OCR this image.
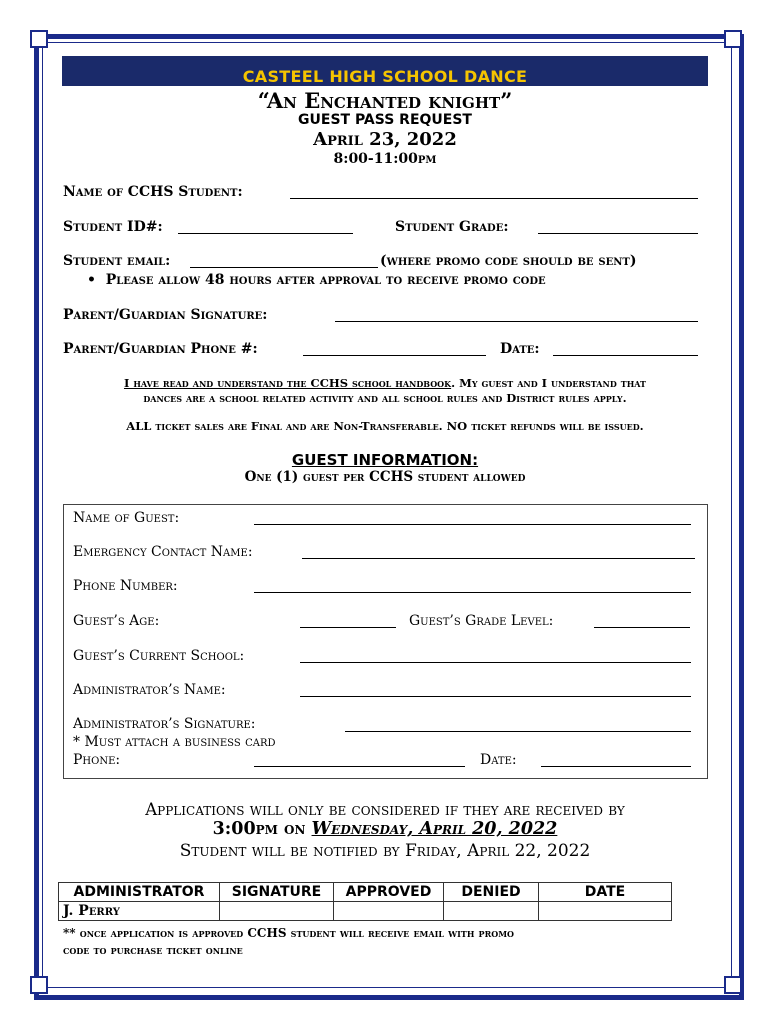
CASTEEL HIGH SCHOOL DANCE
“An Enchanted knight”
GUEST PASS REQUEST
April 23, 2022
8:00-11:00pm
Name of CCHS Student:
Student ID#:	Student Grade:
Student email:	(where promo code should be sent)
•  Please allow 48 hours after approval to receive promo code
Parent/Guardian Signature:
Parent/Guardian Phone #:	Date:
I have read and understand the CCHS school handbook. My guest and I understand that
dances are a school related activity and all school rules and District rules apply.
ALL ticket sales are Final and are Non-Transferable. NO ticket refunds will be issued.
GUEST INFORMATION:
One (1) guest per CCHS student allowed
Name of Guest:
Emergency Contact Name:
Phone Number:
Guest’s Age:	Guest’s Grade Level:
Guest’s Current School:
Administrator’s Name:
Administrator’s Signature:
* Must attach a business card
Phone:	Date:
Applications will only be considered if they are received by
3:00pm on Wednesday, April 20, 2022
Student will be notified by Friday, April 22, 2022
ADMINISTRATOR	SIGNATURE	APPROVED	DENIED	DATE
J. Perry				
** once application is approved CCHS student will receive email with promo
code to purchase ticket online
